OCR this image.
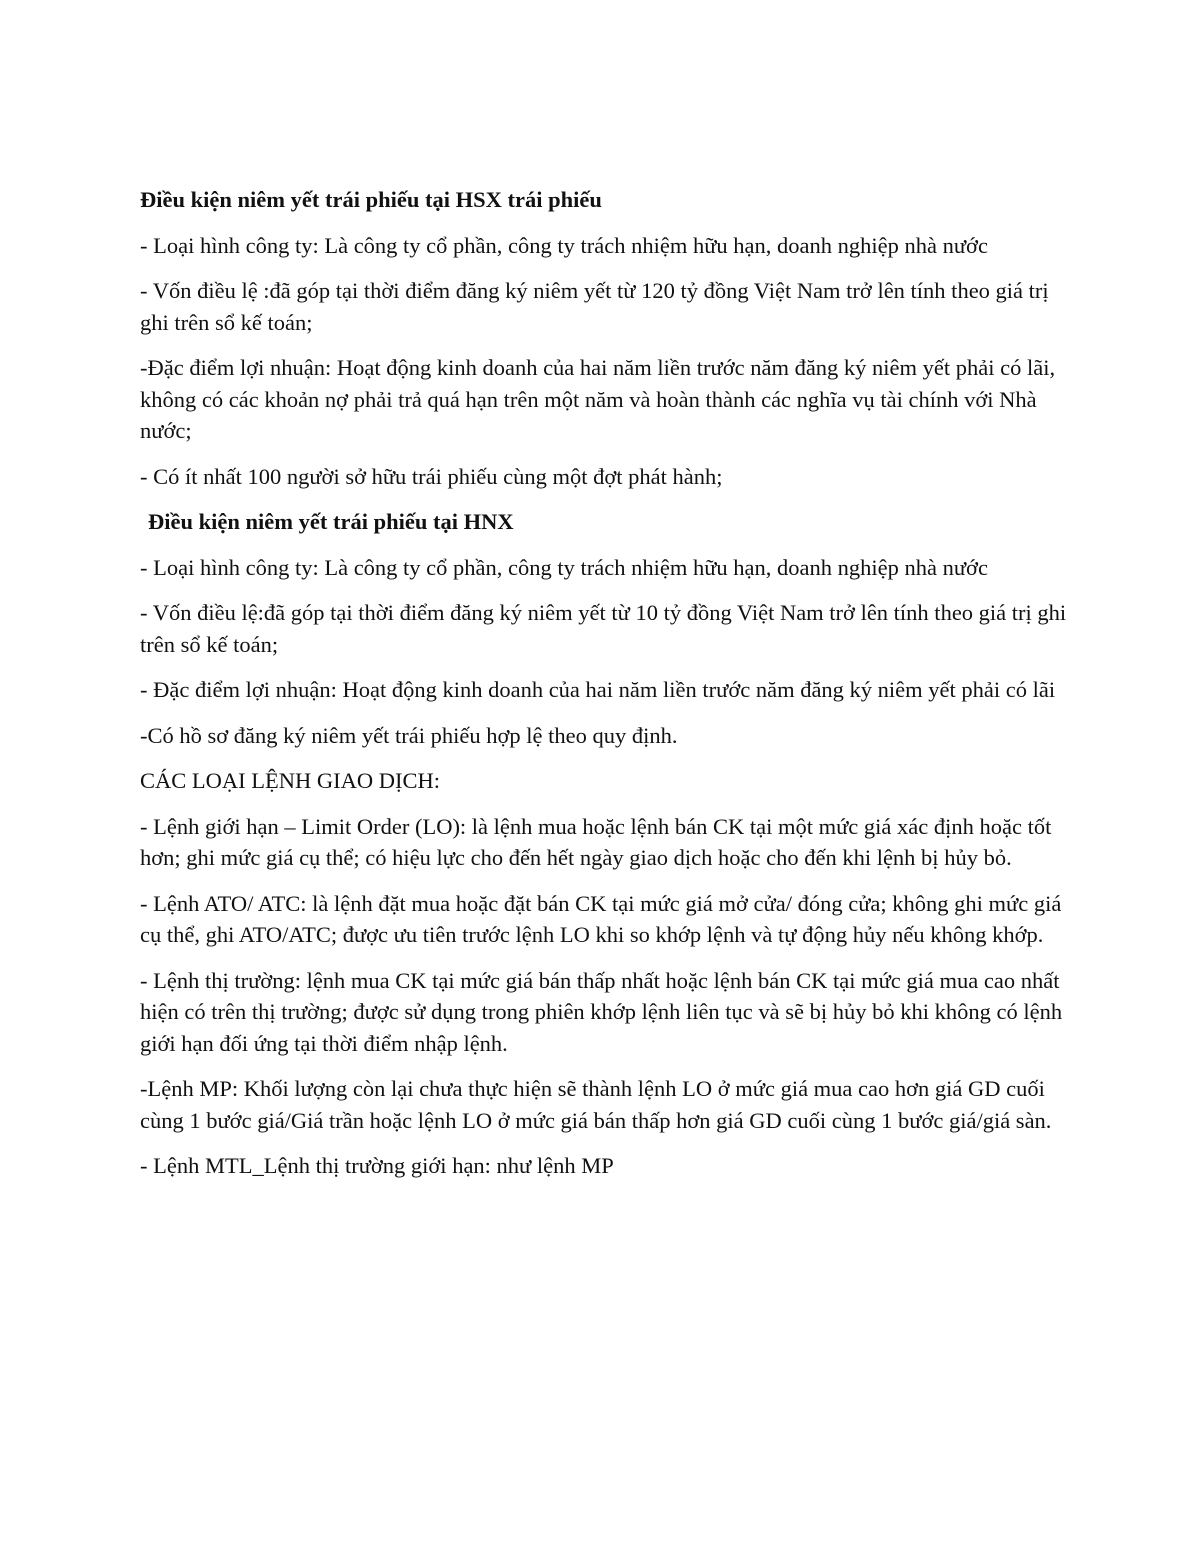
Điều kiện niêm yết trái phiếu tại HSX trái phiếu

- Loại hình công ty: Là công ty cổ phần, công ty trách nhiệm hữu hạn, doanh nghiệp nhà nước

- Vốn điều lệ :đã góp tại thời điểm đăng ký niêm yết từ 120 tỷ đồng Việt Nam trở lên tính theo giá trị ghi trên sổ kế toán;

-Đặc điểm lợi nhuận: Hoạt động kinh doanh của hai năm liền trước năm đăng ký niêm yết phải có lãi, không có các khoản nợ phải trả quá hạn trên một năm và hoàn thành các nghĩa vụ tài chính với Nhà nước;

- Có ít nhất 100 người sở hữu trái phiếu cùng một đợt phát hành;

Điều kiện niêm yết trái phiếu tại HNX

- Loại hình công ty: Là công ty cổ phần, công ty trách nhiệm hữu hạn, doanh nghiệp nhà nước

- Vốn điều lệ:đã góp tại thời điểm đăng ký niêm yết từ 10 tỷ đồng Việt Nam trở lên tính theo giá trị ghi trên sổ kế toán;

- Đặc điểm lợi nhuận: Hoạt động kinh doanh của hai năm liền trước năm đăng ký niêm yết phải có lãi

-Có hồ sơ đăng ký niêm yết trái phiếu hợp lệ theo quy định.

CÁC LOẠI LỆNH GIAO DỊCH:

- Lệnh giới hạn – Limit Order (LO): là lệnh mua hoặc lệnh bán CK tại một mức giá xác định hoặc tốt hơn; ghi mức giá cụ thể; có hiệu lực cho đến hết ngày giao dịch hoặc cho đến khi lệnh bị hủy bỏ.

- Lệnh ATO/ ATC: là lệnh đặt mua hoặc đặt bán CK tại mức giá mở cửa/ đóng cửa; không ghi mức giá cụ thể, ghi ATO/ATC; được ưu tiên trước lệnh LO khi so khớp lệnh và tự động hủy nếu không khớp.

- Lệnh thị trường: lệnh mua CK tại mức giá bán thấp nhất hoặc lệnh bán CK tại mức giá mua cao nhất hiện có trên thị trường; được sử dụng trong phiên khớp lệnh liên tục và sẽ bị hủy bỏ khi không có lệnh giới hạn đối ứng tại thời điểm nhập lệnh.

-Lệnh MP: Khối lượng còn lại chưa thực hiện sẽ thành lệnh LO ở mức giá mua cao hơn giá GD cuối cùng 1 bước giá/Giá trần hoặc lệnh LO ở mức giá bán thấp hơn giá GD cuối cùng 1 bước giá/giá sàn.

- Lệnh MTL_Lệnh thị trường giới hạn: như lệnh MP
